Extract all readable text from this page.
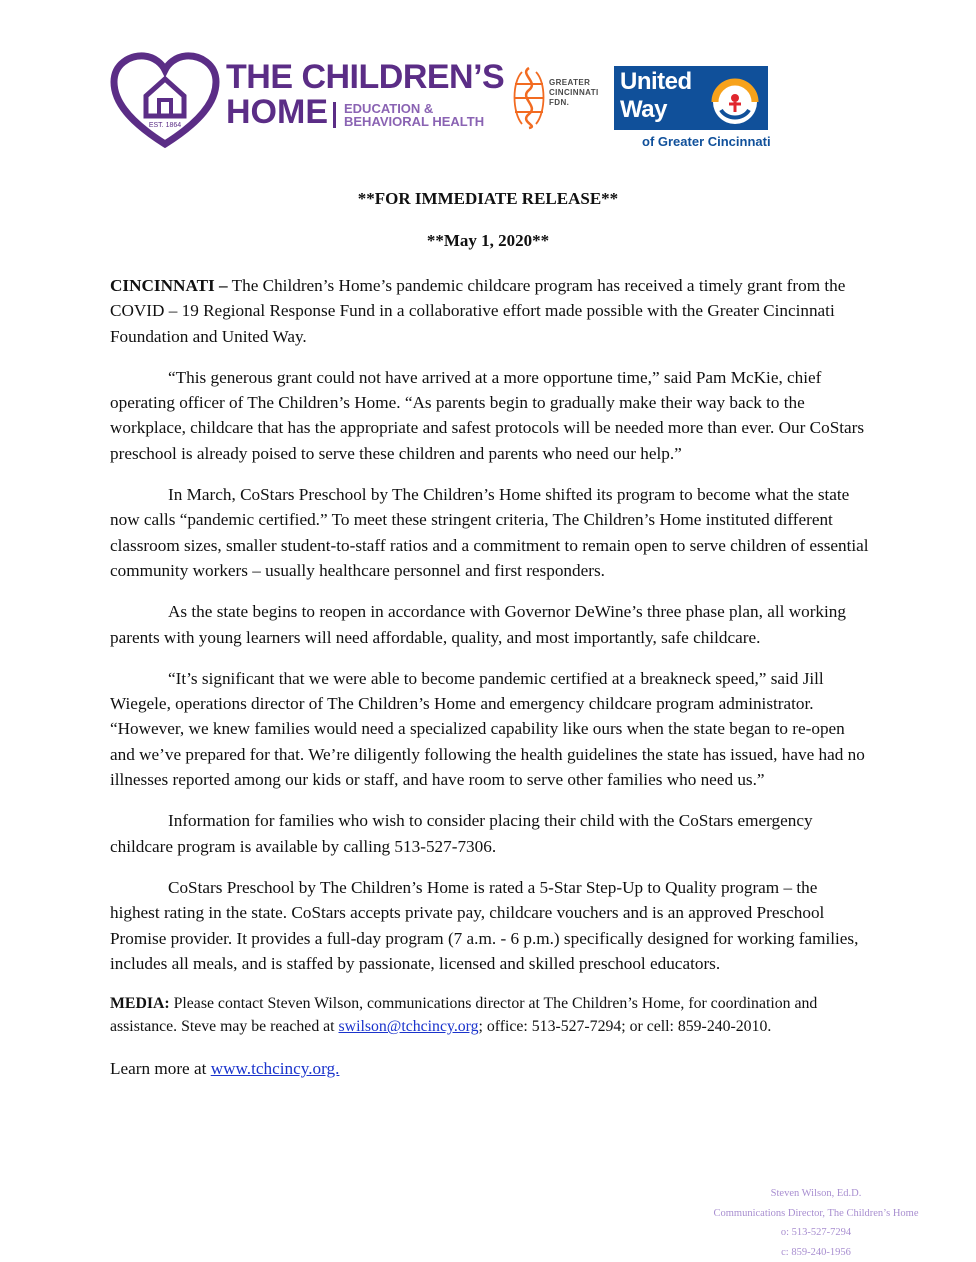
EST. 1864
THE CHILDREN’S
HOME EDUCATION &
BEHAVIORAL HEALTH
GREATER
CINCINNATI
FDN.
United
Way
of Greater Cincinnati
**FOR IMMEDIATE RELEASE**
**May 1, 2020**

CINCINNATI – The Children’s Home’s pandemic childcare program has received a timely grant from the COVID – 19 Regional Response Fund in a collaborative effort made possible with the Greater Cincinnati Foundation and United Way.

“This generous grant could not have arrived at a more opportune time,” said Pam McKie, chief operating officer of The Children’s Home. “As parents begin to gradually make their way back to the workplace, childcare that has the appropriate and safest protocols will be needed more than ever. Our CoStars preschool is already poised to serve these children and parents who need our help.”

In March, CoStars Preschool by The Children’s Home shifted its program to become what the state now calls “pandemic certified.” To meet these stringent criteria, The Children’s Home instituted different classroom sizes, smaller student-to-staff ratios and a commitment to remain open to serve children of essential community workers – usually healthcare personnel and first responders.

As the state begins to reopen in accordance with Governor DeWine’s three phase plan, all working parents with young learners will need affordable, quality, and most importantly, safe childcare.

“It’s significant that we were able to become pandemic certified at a breakneck speed,” said Jill Wiegele, operations director of The Children’s Home and emergency childcare program administrator. “However, we knew families would need a specialized capability like ours when the state began to re-open and we’ve prepared for that. We’re diligently following the health guidelines the state has issued, have had no illnesses reported among our kids or staff, and have room to serve other families who need us.”

Information for families who wish to consider placing their child with the CoStars emergency childcare program is available by calling 513-527-7306.

CoStars Preschool by The Children’s Home is rated a 5-Star Step-Up to Quality program – the highest rating in the state. CoStars accepts private pay, childcare vouchers and is an approved Preschool Promise provider. It provides a full-day program (7 a.m. - 6 p.m.) specifically designed for working families, includes all meals, and is staffed by passionate, licensed and skilled preschool educators.

MEDIA: Please contact Steven Wilson, communications director at The Children’s Home, for coordination and assistance. Steve may be reached at swilson@tchcincy.org; office: 513-527-7294; or cell: 859-240-2010.

Learn more at www.tchcincy.org.

Steven Wilson, Ed.D.
Communications Director, The Children’s Home
o: 513-527-7294
c: 859-240-1956
